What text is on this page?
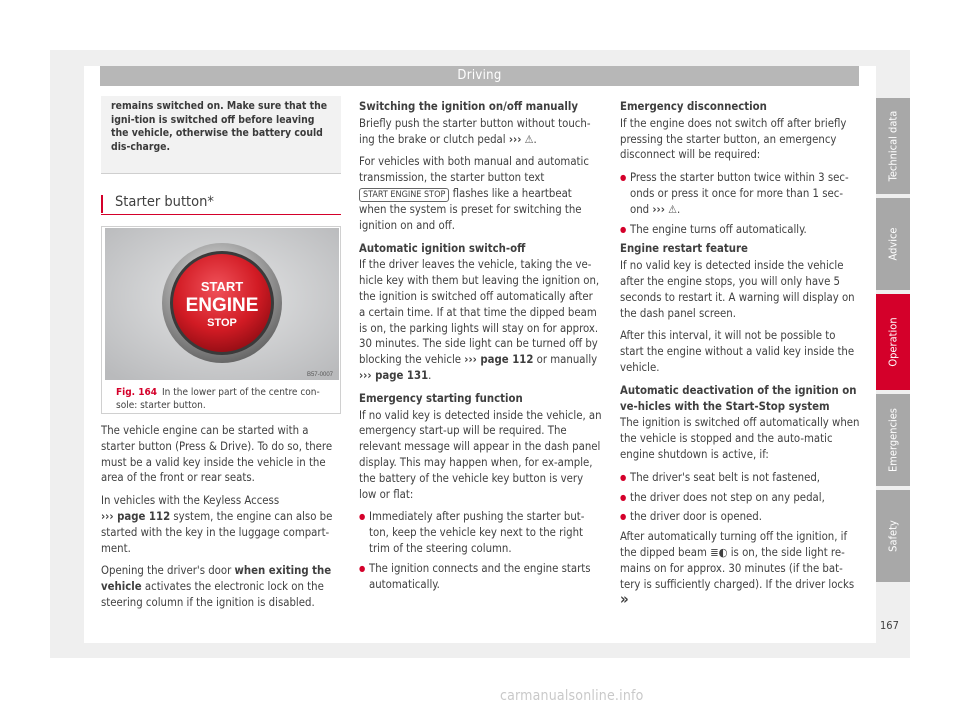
Driving
remains switched on. Make sure that the igni-tion is switched off before leaving the vehicle, otherwise the battery could dis-charge.
Starter button*
START
ENGINE
STOP
B57-0007
Fig. 164 In the lower part of the centre con-sole: starter button.

The vehicle engine can be started with a starter button (Press & Drive). To do so, there must be a valid key inside the vehicle in the area of the front or rear seats.

In vehicles with the Keyless Access
››› page 112 system, the engine can also be started with the key in the luggage compart-ment.

Opening the driver's door when exiting the vehicle activates the electronic lock on the steering column if the ignition is disabled.

Switching the ignition on/off manually

Briefly push the starter button without touch-ing the brake or clutch pedal ››› ⚠.

For vehicles with both manual and automatic transmission, the starter button text START ENGINE STOP flashes like a heartbeat when the system is preset for switching the ignition on and off.

Automatic ignition switch-off

If the driver leaves the vehicle, taking the ve-hicle key with them but leaving the ignition on, the ignition is switched off automatically after a certain time. If at that time the dipped beam is on, the parking lights will stay on for approx. 30 minutes. The side light can be turned off by blocking the vehicle ››› page 112 or manually ››› page 131.

Emergency starting function

If no valid key is detected inside the vehicle, an emergency start-up will be required. The relevant message will appear in the dash panel display. This may happen when, for ex-ample, the battery of the vehicle key button is very low or flat:

● Immediately after pushing the starter but-ton, keep the vehicle key next to the right trim of the steering column.

● The ignition connects and the engine starts automatically.

Emergency disconnection

If the engine does not switch off after briefly pressing the starter button, an emergency disconnect will be required:

● Press the starter button twice within 3 sec-onds or press it once for more than 1 sec-ond ››› ⚠.

● The engine turns off automatically.

Engine restart feature

If no valid key is detected inside the vehicle after the engine stops, you will only have 5 seconds to restart it. A warning will display on the dash panel screen.

After this interval, it will not be possible to start the engine without a valid key inside the vehicle.

Automatic deactivation of the ignition on ve-hicles with the Start-Stop system

The ignition is switched off automatically when the vehicle is stopped and the auto-matic engine shutdown is active, if:

● The driver's seat belt is not fastened,

● the driver does not step on any pedal,

● the driver door is opened.

After automatically turning off the ignition, if the dipped beam ≣◐ is on, the side light re-mains on for approx. 30 minutes (if the bat-tery is sufficiently charged). If the driver locks »

Technical data
Advice
Operation
Emergencies
Safety
167
carmanualsonline.info
